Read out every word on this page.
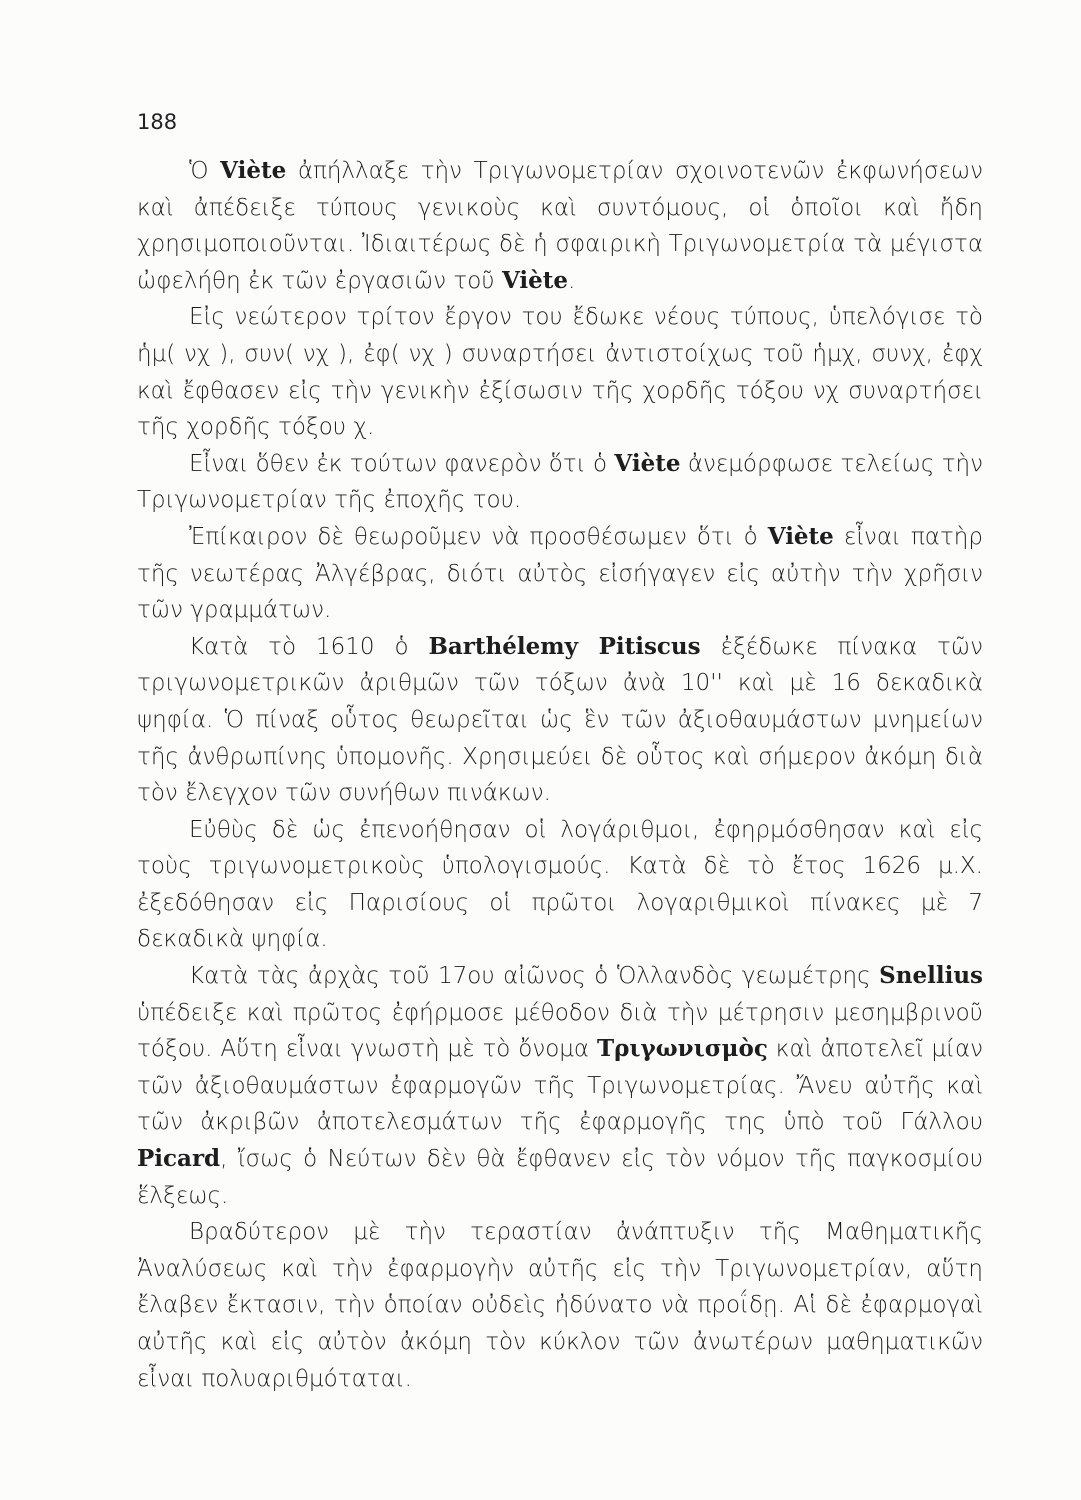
188

Ὁ Viète ἀπήλλαξε τὴν Τριγωνομετρίαν σχοινοτενῶν ἐκφωνήσεων καὶ ἀπέδειξε τύπους γενικοὺς καὶ συντόμους, οἱ ὁποῖοι καὶ ἤδη χρησιμοποιοῦνται. Ἰδιαιτέρως δὲ ἡ σφαιρικὴ Τριγωνομετρία τὰ μέγιστα ὠφελήθη ἐκ τῶν ἐργασιῶν τοῦ Viète.

Εἰς νεώτερον τρίτον ἔργον του ἔδωκε νέους τύπους, ὑπελόγισε τὸ ἡμ( νχ ), συν( νχ ), ἐφ( νχ ) συναρτήσει ἀντιστοίχως τοῦ ἡμχ, συνχ, ἐφχ καὶ ἔφθασεν εἰς τὴν γενικὴν ἐξίσωσιν τῆς χορδῆς τόξου νχ συναρτήσει τῆς χορδῆς τόξου χ.

Εἶναι ὅθεν ἐκ τούτων φανερὸν ὅτι ὁ Viète ἀνεμόρφωσε τελείως τὴν Τριγωνομετρίαν τῆς ἐποχῆς του.

Ἐπίκαιρον δὲ θεωροῦμεν νὰ προσθέσωμεν ὅτι ὁ Viète εἶναι πατὴρ τῆς νεωτέρας Ἀλγέβρας, διότι αὐτὸς εἰσήγαγεν εἰς αὐτὴν τὴν χρῆσιν τῶν γραμμάτων.

Κατὰ τὸ 1610 ὁ Barthélemy Pitiscus ἐξέδωκε πίνακα τῶν τριγωνομετρικῶν ἀριθμῶν τῶν τόξων ἀνὰ 10'' καὶ μὲ 16 δεκαδικὰ ψηφία. Ὁ πίναξ οὗτος θεωρεῖται ὡς ἓν τῶν ἀξιοθαυμάστων μνημείων τῆς ἀνθρωπίνης ὑπομονῆς. Χρησιμεύει δὲ οὗτος καὶ σήμερον ἀκόμη διὰ τὸν ἔλεγχον τῶν συνήθων πινάκων.

Εὐθὺς δὲ ὡς ἐπενοήθησαν οἱ λογάριθμοι, ἐφηρμόσθησαν καὶ εἰς τοὺς τριγωνομετρικοὺς ὑπολογισμούς. Κατὰ δὲ τὸ ἔτος 1626 μ.Χ. ἐξεδόθησαν εἰς Παρισίους οἱ πρῶτοι λογαριθμικοὶ πίνακες μὲ 7 δεκαδικὰ ψηφία.

Κατὰ τὰς ἀρχὰς τοῦ 17ου αἰῶνος ὁ Ὁλλανδὸς γεωμέτρης Snellius ὑπέδειξε καὶ πρῶτος ἐφήρμοσε μέθοδον διὰ τὴν μέτρησιν μεσημβρινοῦ τόξου. Αὕτη εἶναι γνωστὴ μὲ τὸ ὄνομα Τριγωνισμὸς καὶ ἀποτελεῖ μίαν τῶν ἀξιοθαυμάστων ἐφαρμογῶν τῆς Τριγωνομετρίας. Ἄνευ αὐτῆς καὶ τῶν ἀκριβῶν ἀποτελεσμάτων τῆς ἐφαρμογῆς της ὑπὸ τοῦ Γάλλου Picard, ἴσως ὁ Νεύτων δὲν θὰ ἔφθανεν εἰς τὸν νόμον τῆς παγκοσμίου ἕλξεως.

Βραδύτερον μὲ τὴν τεραστίαν ἀνάπτυξιν τῆς Μαθηματικῆς Ἀναλύσεως καὶ τὴν ἐφαρμογὴν αὐτῆς εἰς τὴν Τριγωνομετρίαν, αὕτη ἔλαβεν ἔκτασιν, τὴν ὁποίαν οὐδεὶς ἠδύνατο νὰ προΐδῃ. Αἱ δὲ ἐφαρμογαὶ αὐτῆς καὶ εἰς αὐτὸν ἀκόμη τὸν κύκλον τῶν ἀνωτέρων μαθηματικῶν εἶναι πολυαριθμόταται.
